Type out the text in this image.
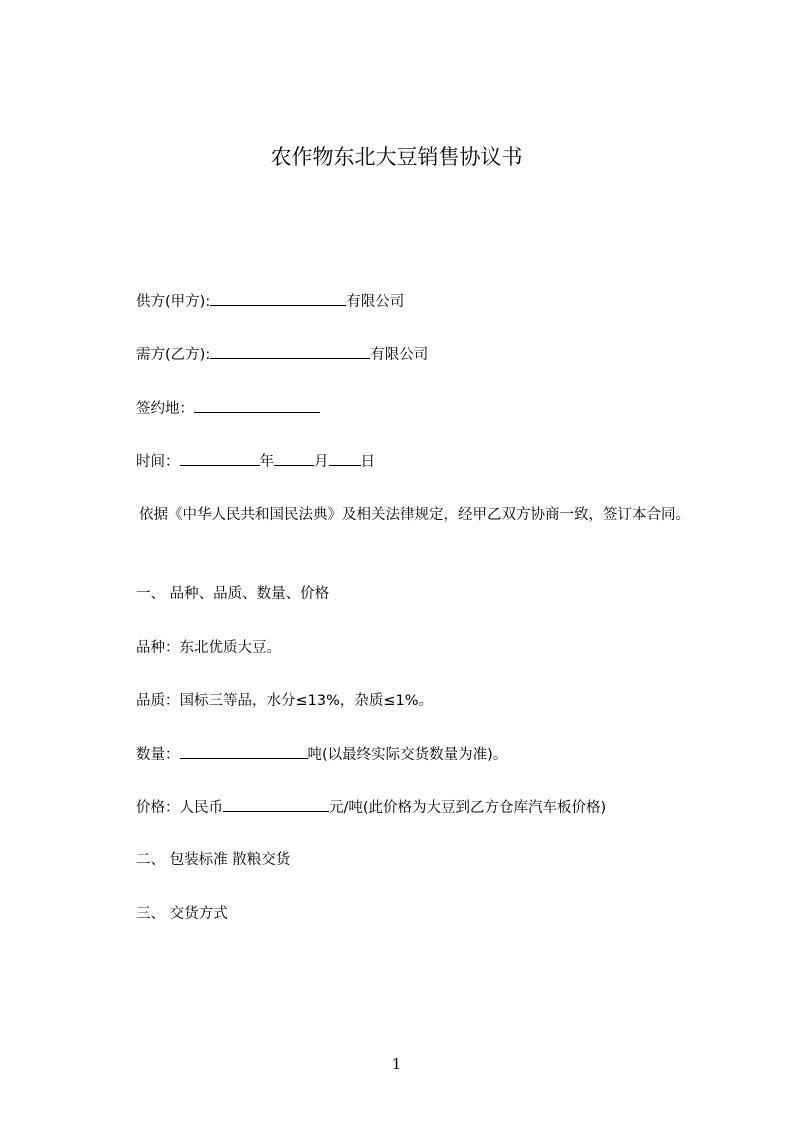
农作物东北大豆销售协议书
供方(甲方):	有限公司
需方(乙方):	有限公司
签约地：
时间：	年	月 日
依据《中华人民共和国民法典》及相关法律规定，经甲乙双方协商一致，签订本合同。
一、 品种、品质、数量、价格
品种：东北优质大豆。
品质：国标三等品，水分≤13%，杂质≤1%。
数量：	吨(以最终实际交货数量为准)。
价格：人民币	元/吨(此价格为大豆到乙方仓库汽车板价格)
二、 包装标准 散粮交货
三、 交货方式
1
